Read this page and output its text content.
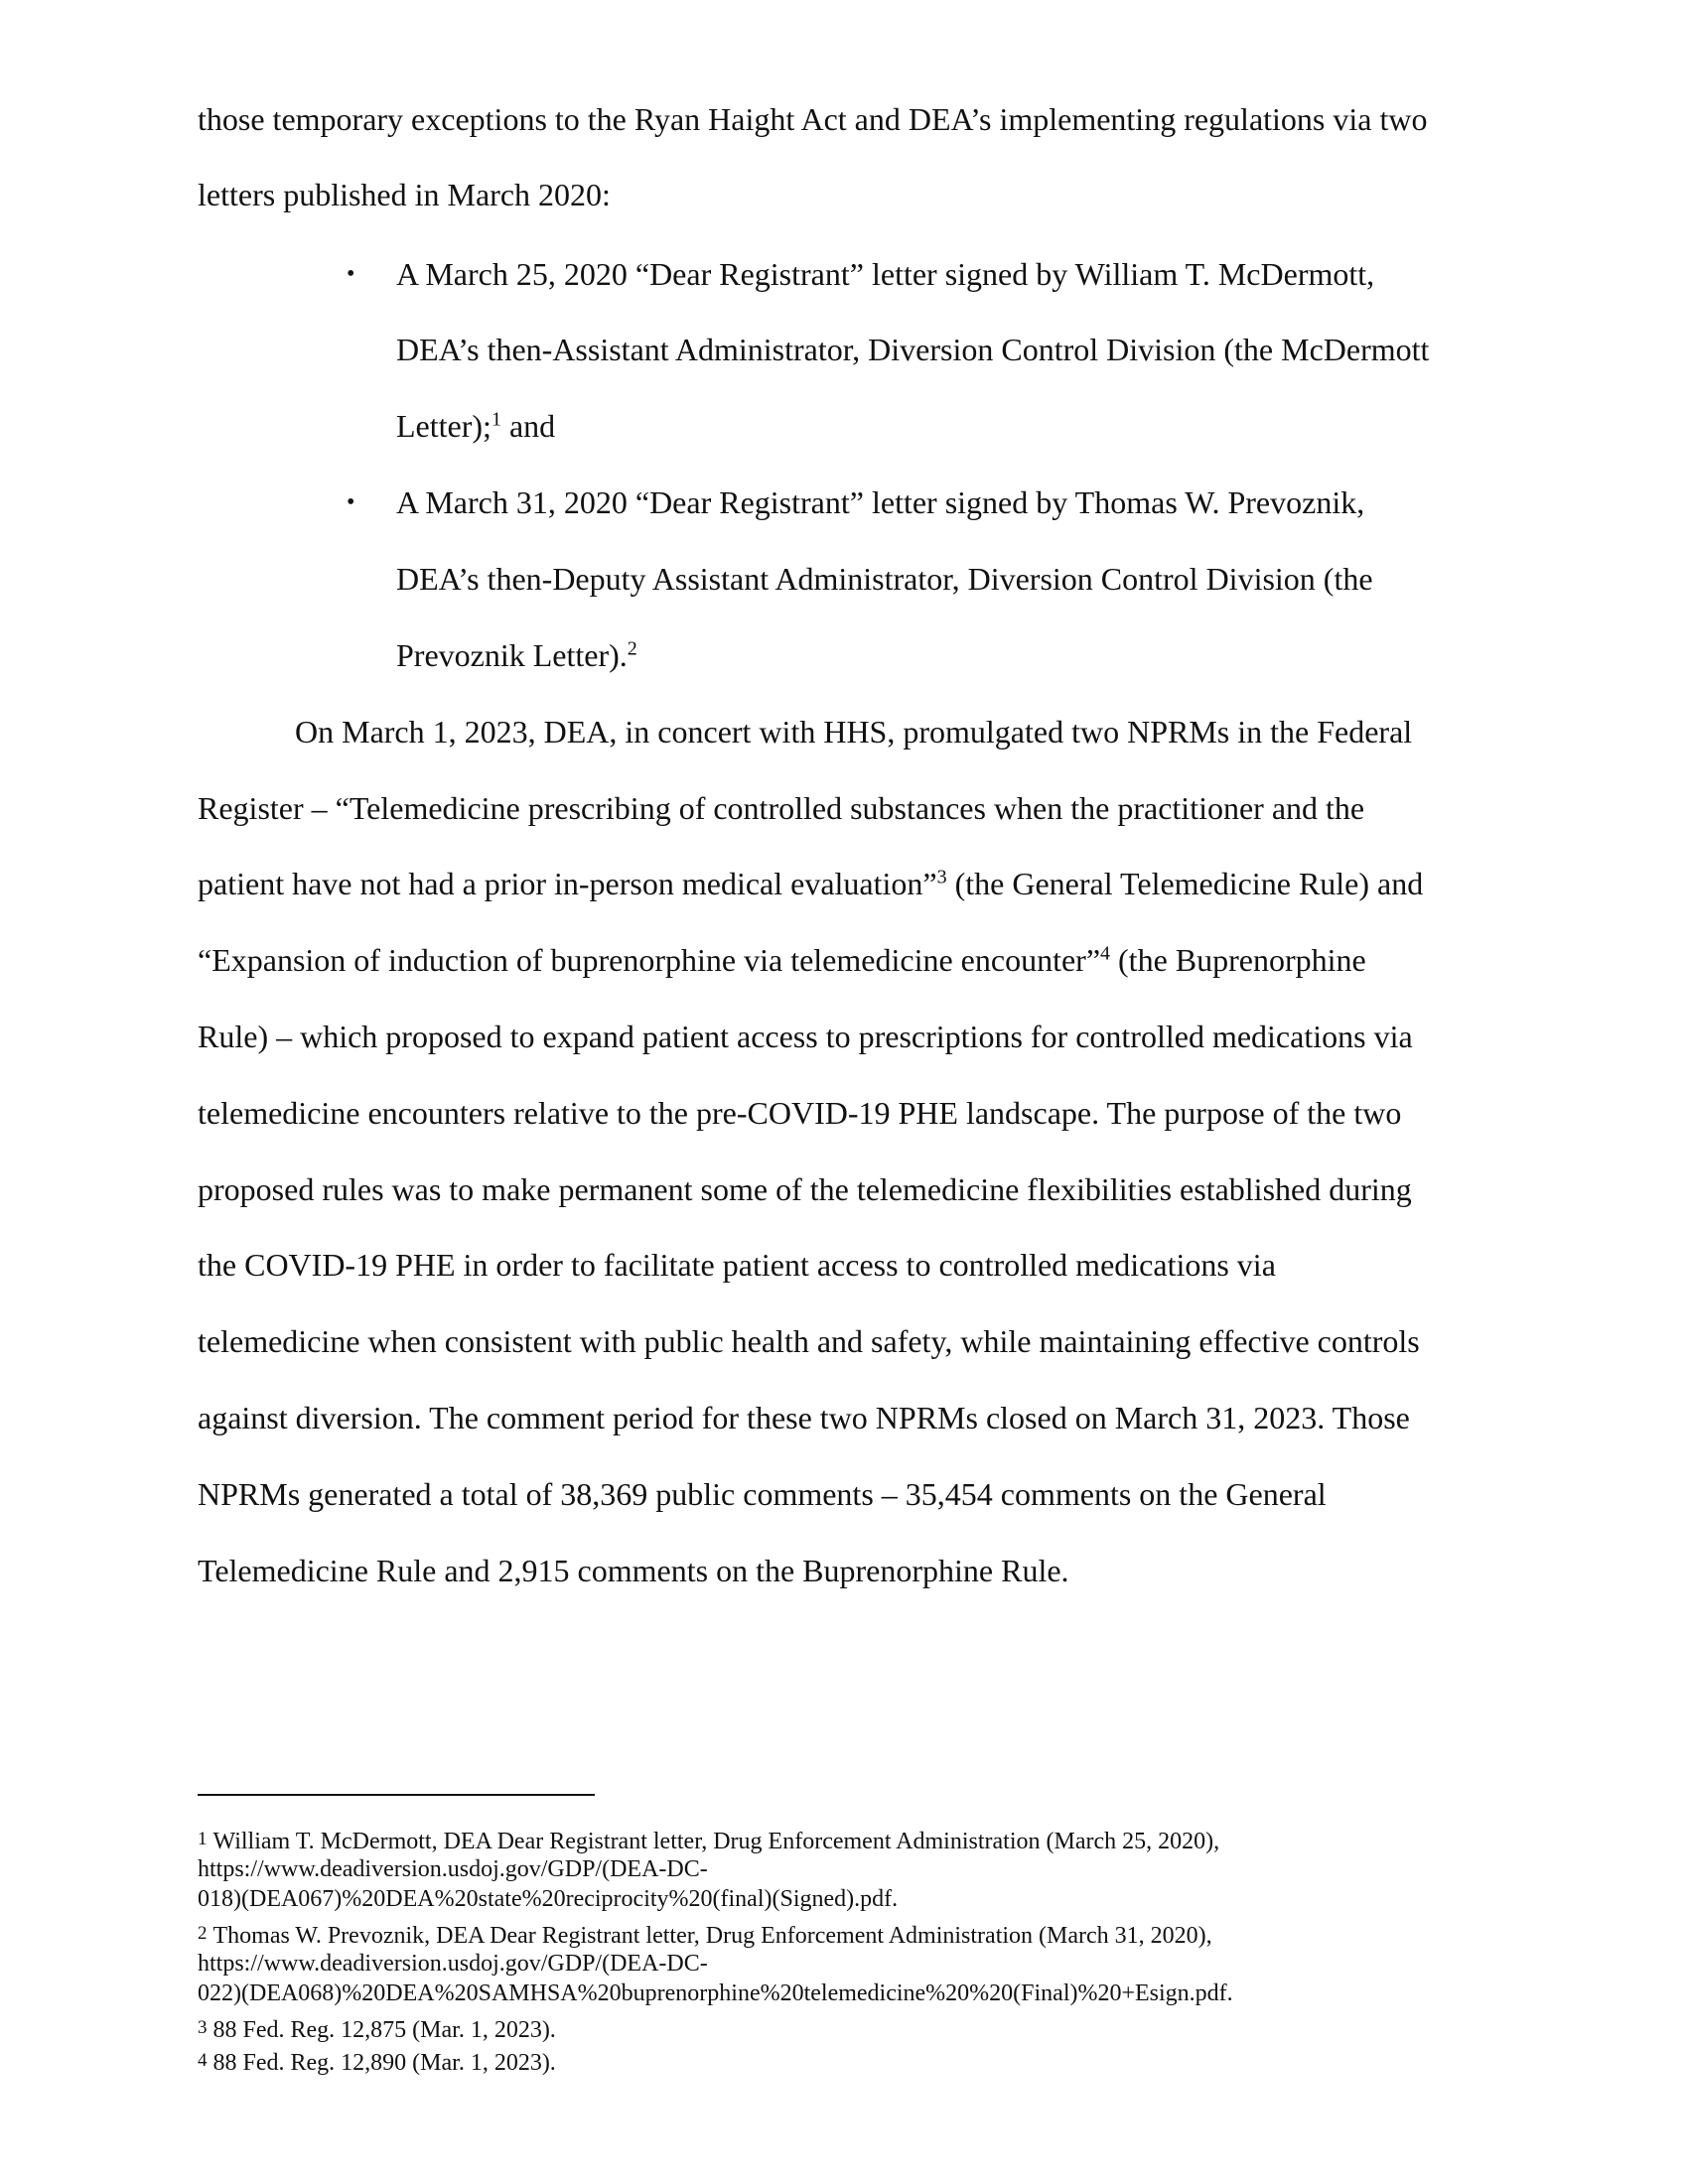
those temporary exceptions to the Ryan Haight Act and DEA’s implementing regulations via two
letters published in March 2020:
• A March 25, 2020 “Dear Registrant” letter signed by William T. McDermott,
DEA’s then-Assistant Administrator, Diversion Control Division (the McDermott
Letter);$^1$ and
• A March 31, 2020 “Dear Registrant” letter signed by Thomas W. Prevoznik,
DEA’s then-Deputy Assistant Administrator, Diversion Control Division (the
Prevoznik Letter).$^2$
On March 1, 2023, DEA, in concert with HHS, promulgated two NPRMs in the Federal
Register – “Telemedicine prescribing of controlled substances when the practitioner and the
patient have not had a prior in-person medical evaluation”$^3$ (the General Telemedicine Rule) and
“Expansion of induction of buprenorphine via telemedicine encounter”$^4$ (the Buprenorphine
Rule) – which proposed to expand patient access to prescriptions for controlled medications via
telemedicine encounters relative to the pre-COVID-19 PHE landscape. The purpose of the two
proposed rules was to make permanent some of the telemedicine flexibilities established during
the COVID-19 PHE in order to facilitate patient access to controlled medications via
telemedicine when consistent with public health and safety, while maintaining effective controls
against diversion. The comment period for these two NPRMs closed on March 31, 2023. Those
NPRMs generated a total of 38,369 public comments – 35,454 comments on the General
Telemedicine Rule and 2,915 comments on the Buprenorphine Rule.
1 William T. McDermott, DEA Dear Registrant letter, Drug Enforcement Administration (March 25, 2020),
https://www.deadiversion.usdoj.gov/GDP/(DEA-DC-
018)(DEA067)%20DEA%20state%20reciprocity%20(final)(Signed).pdf.
2 Thomas W. Prevoznik, DEA Dear Registrant letter, Drug Enforcement Administration (March 31, 2020),
https://www.deadiversion.usdoj.gov/GDP/(DEA-DC-
022)(DEA068)%20DEA%20SAMHSA%20buprenorphine%20telemedicine%20%20(Final)%20+Esign.pdf.
3 88 Fed. Reg. 12,875 (Mar. 1, 2023).
4 88 Fed. Reg. 12,890 (Mar. 1, 2023).
